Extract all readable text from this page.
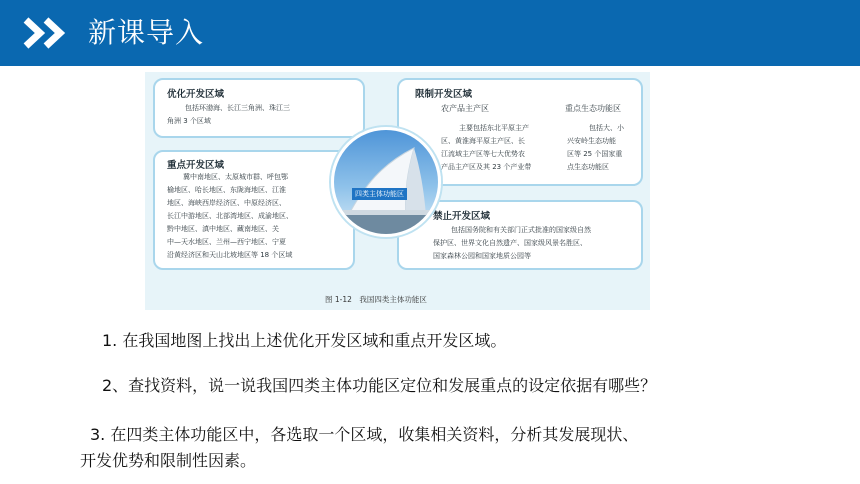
新课导入
优化开发区域
包括环渤海、长江三角洲、珠江三
角洲 3 个区域
重点开发区域
冀中南地区、太原城市群、呼包鄂
榆地区、哈长地区、东陇海地区、江淮
地区、海峡西岸经济区、中原经济区、
长江中游地区、北部湾地区、成渝地区、
黔中地区、滇中地区、藏南地区、关
中—天水地区、兰州—西宁地区、宁夏
沿黄经济区和天山北坡地区等 18 个区域
限制开发区域
农产品主产区	重点生态功能区
主要包括东北平原主产
区、黄淮海平原主产区、长
江流域主产区等七大优势农
产品主产区及其 23 个产业带
包括大、小
兴安岭生态功能
区等 25 个国家重
点生态功能区
禁止开发区域
包括国务院和有关部门正式批准的国家级自然
保护区、世界文化自然遗产、国家级风景名胜区、
国家森林公园和国家地质公园等
四类主体功能区
图 1-12　我国四类主体功能区
1. 在我国地图上找出上述优化开发区域和重点开发区域。
2、查找资料，说一说我国四类主体功能区定位和发展重点的设定依据有哪些？
3. 在四类主体功能区中，各选取一个区域，收集相关资料，分析其发展现状、
开发优势和限制性因素。
